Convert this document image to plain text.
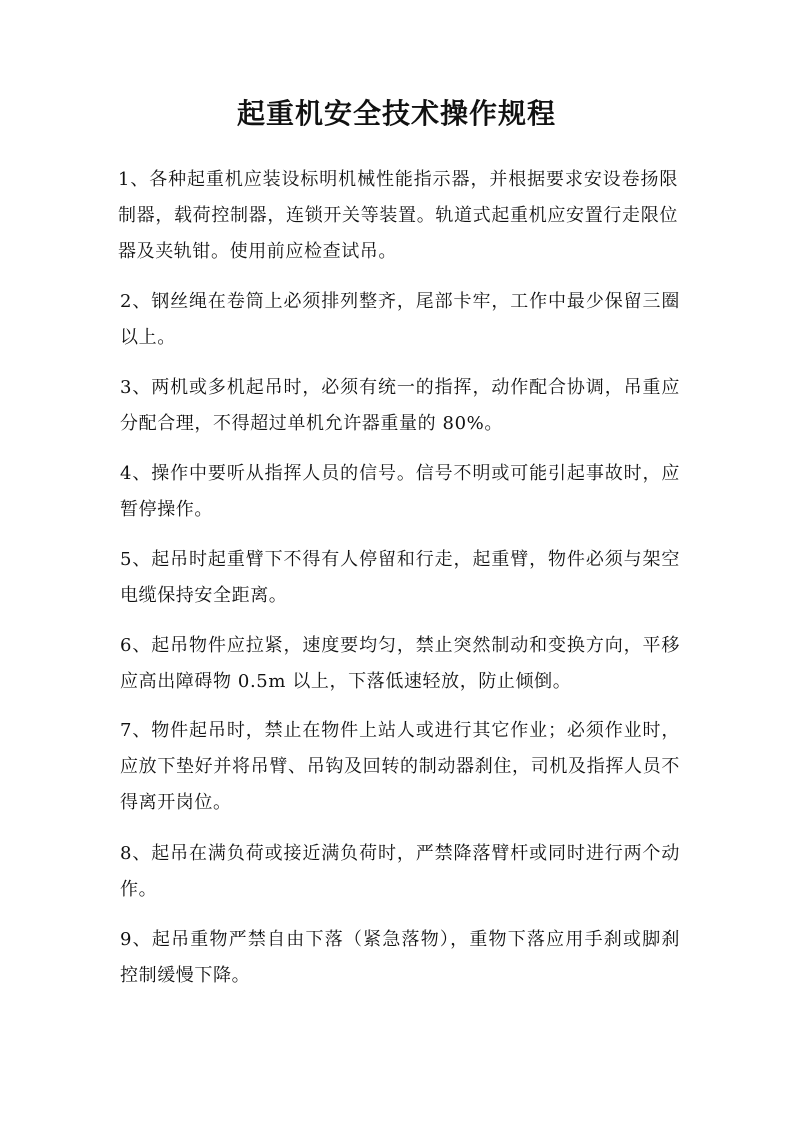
起重机安全技术操作规程
1、各种起重机应装设标明机械性能指示器，并根据要求安设卷扬限制器，载荷控制器，连锁开关等装置。轨道式起重机应安置行走限位器及夹轨钳。使用前应检查试吊。
2、钢丝绳在卷筒上必须排列整齐，尾部卡牢，工作中最少保留三圈以上。
3、两机或多机起吊时，必须有统一的指挥，动作配合协调，吊重应分配合理，不得超过单机允许器重量的 80%。
4、操作中要听从指挥人员的信号。信号不明或可能引起事故时，应暂停操作。
5、起吊时起重臂下不得有人停留和行走，起重臂，物件必须与架空电缆保持安全距离。
6、起吊物件应拉紧，速度要均匀，禁止突然制动和变换方向，平移应高出障碍物 0.5m 以上，下落低速轻放，防止倾倒。
7、物件起吊时，禁止在物件上站人或进行其它作业；必须作业时，应放下垫好并将吊臂、吊钩及回转的制动器刹住，司机及指挥人员不得离开岗位。
8、起吊在满负荷或接近满负荷时，严禁降落臂杆或同时进行两个动作。
9、起吊重物严禁自由下落（紧急落物），重物下落应用手刹或脚刹控制缓慢下降。
